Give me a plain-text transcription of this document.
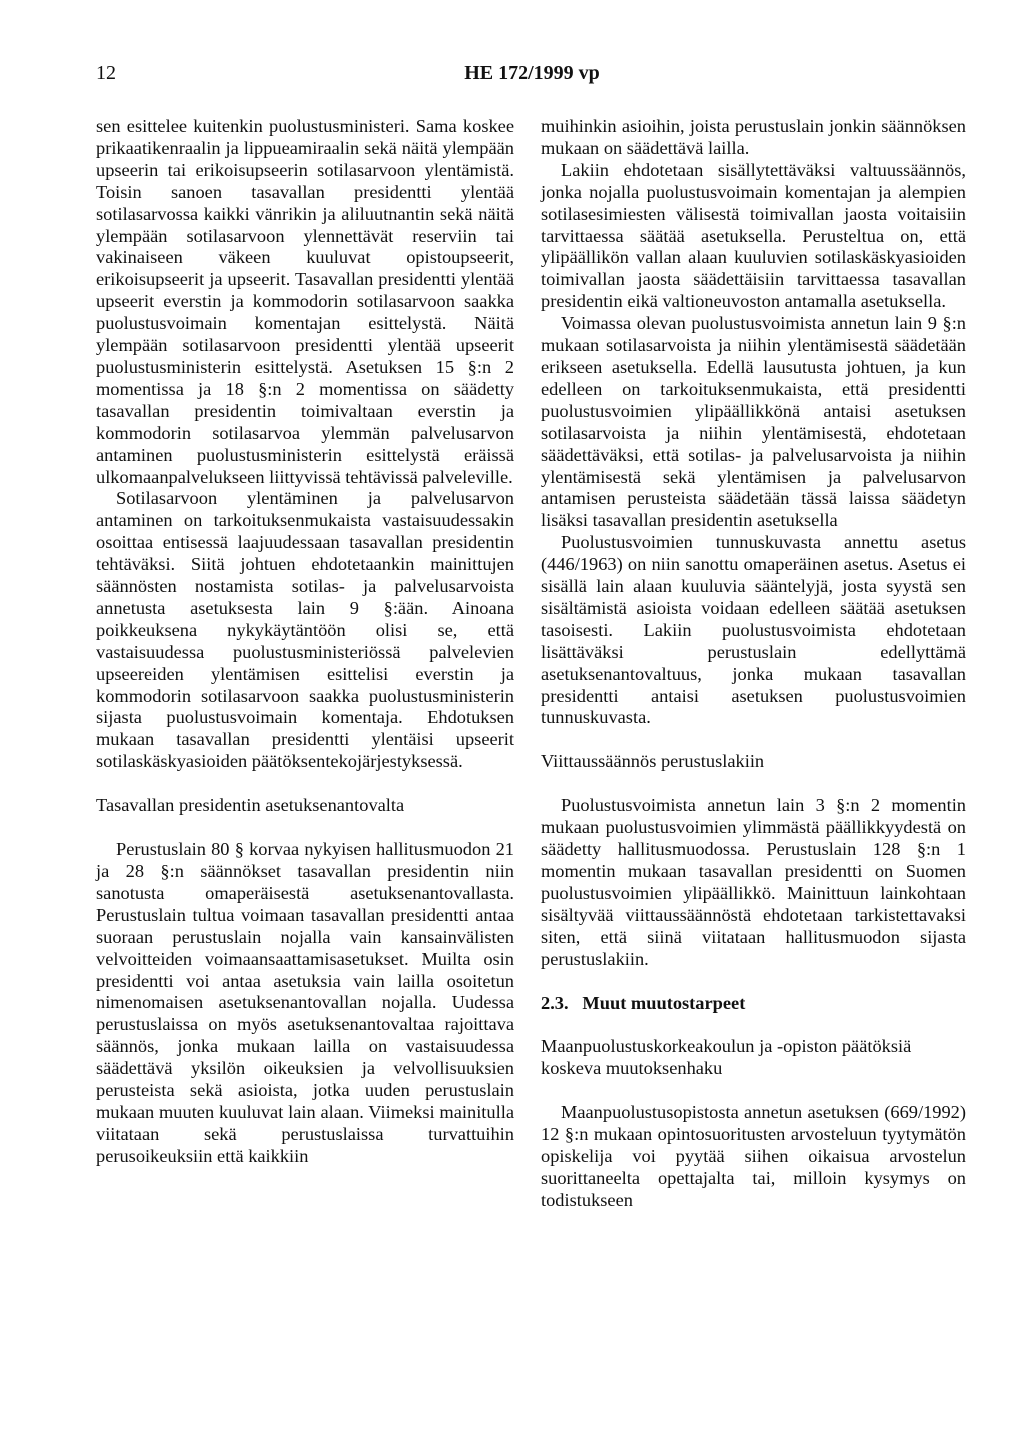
12	HE 172/1999 vp

sen esittelee kuitenkin puolustusministeri. Sama koskee prikaatikenraalin ja lippueamiraalin sekä näitä ylempään upseerin tai erikoisupseerin sotilasarvoon ylentämistä. Toisin sanoen tasavallan presidentti ylentää sotilasarvossa kaikki vänrikin ja aliluutnantin sekä näitä ylempään sotilasarvoon ylennettävät reserviin tai vakinaiseen väkeen kuuluvat opistoupseerit, erikoisupseerit ja upseerit. Tasavallan presidentti ylentää upseerit everstin ja kommodorin sotilasarvoon saakka puolustusvoimain komentajan esittelystä. Näitä ylempään sotilasarvoon presidentti ylentää upseerit puolustusministerin esittelystä. Asetuksen 15 §:n 2 momentissa ja 18 §:n 2 momentissa on säädetty tasavallan presidentin toimivaltaan everstin ja kommodorin sotilasarvoa ylemmän palvelusarvon antaminen puolustusministerin esittelystä eräissä ulkomaanpalvelukseen liittyvissä tehtävissä palveleville.

Sotilasarvoon ylentäminen ja palvelusarvon antaminen on tarkoituksenmukaista vastaisuudessakin osoittaa entisessä laajuudessaan tasavallan presidentin tehtäväksi. Siitä johtuen ehdotetaankin mainittujen säännösten nostamista sotilas- ja palvelusarvoista annetusta asetuksesta lain 9 §:ään. Ainoana poikkeuksena nykykäytäntöön olisi se, että vastaisuudessa puolustusministeriössä palvelevien upseereiden ylentämisen esittelisi everstin ja kommodorin sotilasarvoon saakka puolustusministerin sijasta puolustusvoimain komentaja. Ehdotuksen mukaan tasavallan presidentti ylentäisi upseerit sotilaskäskyasioiden päätöksentekojärjestyksessä.

Tasavallan presidentin asetuksenantovalta

Perustuslain 80 § korvaa nykyisen hallitusmuodon 21 ja 28 §:n säännökset tasavallan presidentin niin sanotusta omaperäisestä asetuksenantovallasta. Perustuslain tultua voimaan tasavallan presidentti antaa suoraan perustuslain nojalla vain kansainvälisten velvoitteiden voimaansaattamisasetukset. Muilta osin presidentti voi antaa asetuksia vain lailla osoitetun nimenomaisen asetuksenantovallan nojalla. Uudessa perustuslaissa on myös asetuksenantovaltaa rajoittava säännös, jonka mukaan lailla on vastaisuudessa säädettävä yksilön oikeuksien ja velvollisuuksien perusteista sekä asioista, jotka uuden perustuslain mukaan muuten kuuluvat lain alaan. Viimeksi mainitulla viitataan sekä perustuslaissa turvattuihin perusoikeuksiin että kaikkiin

muihinkin asioihin, joista perustuslain jonkin säännöksen mukaan on säädettävä lailla.

Lakiin ehdotetaan sisällytettäväksi valtuussäännös, jonka nojalla puolustusvoimain komentajan ja alempien sotilasesimiesten välisestä toimivallan jaosta voitaisiin tarvittaessa säätää asetuksella. Perusteltua on, että ylipäällikön vallan alaan kuuluvien sotilaskäskyasioiden toimivallan jaosta säädettäisiin tarvittaessa tasavallan presidentin eikä valtioneuvoston antamalla asetuksella.

Voimassa olevan puolustusvoimista annetun lain 9 §:n mukaan sotilasarvoista ja niihin ylentämisestä säädetään erikseen asetuksella. Edellä lausutusta johtuen, ja kun edelleen on tarkoituksenmukaista, että presidentti puolustusvoimien ylipäällikkönä antaisi asetuksen sotilasarvoista ja niihin ylentämisestä, ehdotetaan säädettäväksi, että sotilas- ja palvelusarvoista ja niihin ylentämisestä sekä ylentämisen ja palvelusarvon antamisen perusteista säädetään tässä laissa säädetyn lisäksi tasavallan presidentin asetuksella

Puolustusvoimien tunnuskuvasta annettu asetus (446/1963) on niin sanottu omaperäinen asetus. Asetus ei sisällä lain alaan kuuluvia sääntelyjä, josta syystä sen sisältämistä asioista voidaan edelleen säätää asetuksen tasoisesti. Lakiin puolustusvoimista ehdotetaan lisättäväksi perustuslain edellyttämä asetuksenantovaltuus, jonka mukaan tasavallan presidentti antaisi asetuksen puolustusvoimien tunnuskuvasta.

Viittaussäännös perustuslakiin

Puolustusvoimista annetun lain 3 §:n 2 momentin mukaan puolustusvoimien ylimmästä päällikkyydestä on säädetty hallitusmuodossa. Perustuslain 128 §:n 1 momentin mukaan tasavallan presidentti on Suomen puolustusvoimien ylipäällikkö. Mainittuun lainkohtaan sisältyvää viittaussäännöstä ehdotetaan tarkistettavaksi siten, että siinä viitataan hallitusmuodon sijasta perustuslakiin.

2.3.   Muut muutostarpeet
Maanpuolustuskorkeakoulun ja -opiston päätöksiä koskeva muutoksenhaku

Maanpuolustusopistosta annetun asetuksen (669/1992) 12 §:n mukaan opintosuoritusten arvosteluun tyytymätön opiskelija voi pyytää siihen oikaisua arvostelun suorittaneelta opettajalta tai, milloin kysymys on todistukseen
